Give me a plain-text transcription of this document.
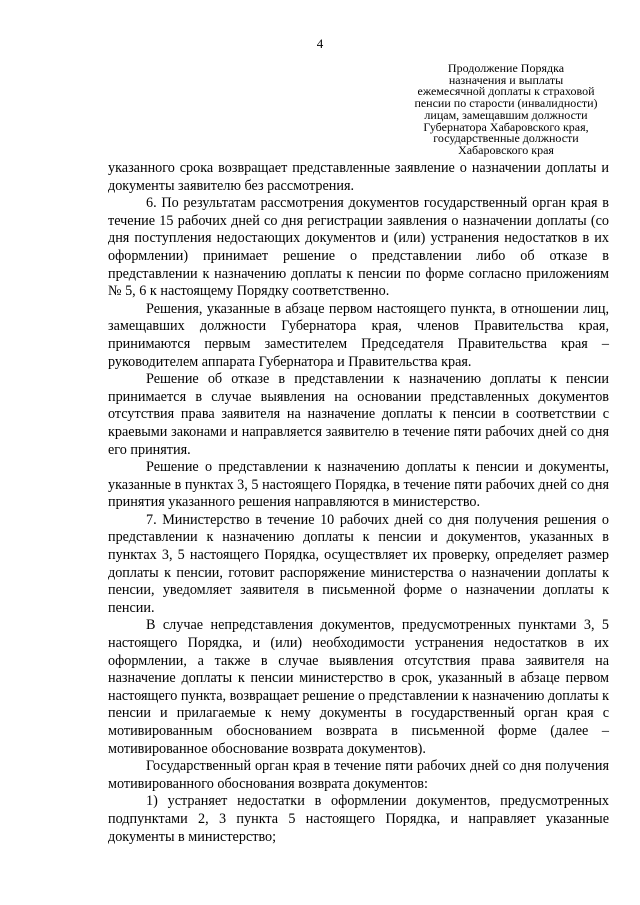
4
Продолжение Порядка
назначения и выплаты
ежемесячной доплаты к страховой
пенсии по старости (инвалидности)
лицам, замещавшим должности
Губернатора Хабаровского края,
государственные должности
Хабаровского края

указанного срока возвращает представленные заявление о назначении доплаты и документы заявителю без рассмотрения.

6. По результатам рассмотрения документов государственный орган края в течение 15 рабочих дней со дня регистрации заявления о назначении доплаты (со дня поступления недостающих документов и (или) устранения недостатков в их оформлении) принимает решение о представлении либо об отказе в представлении к назначению доплаты к пенсии по форме согласно приложениям № 5, 6 к настоящему Порядку соответственно.

Решения, указанные в абзаце первом настоящего пункта, в отношении лиц, замещавших должности Губернатора края, членов Правительства края, принимаются первым заместителем Председателя Правительства края – руководителем аппарата Губернатора и Правительства края.

Решение об отказе в представлении к назначению доплаты к пенсии принимается в случае выявления на основании представленных документов отсутствия права заявителя на назначение доплаты к пенсии в соответствии с краевыми законами и направляется заявителю в течение пяти рабочих дней со дня его принятия.

Решение о представлении к назначению доплаты к пенсии и документы, указанные в пунктах 3, 5 настоящего Порядка, в течение пяти рабочих дней со дня принятия указанного решения направляются в министерство.

7. Министерство в течение 10 рабочих дней со дня получения решения о представлении к назначению доплаты к пенсии и документов, указанных в пунктах 3, 5 настоящего Порядка, осуществляет их проверку, определяет размер доплаты к пенсии, готовит распоряжение министерства о назначении доплаты к пенсии, уведомляет заявителя в письменной форме о назначении доплаты к пенсии.

В случае непредставления документов, предусмотренных пунктами 3, 5 настоящего Порядка, и (или) необходимости устранения недостатков в их оформлении, а также в случае выявления отсутствия права заявителя на назначение доплаты к пенсии министерство в срок, указанный в абзаце первом настоящего пункта, возвращает решение о представлении к назначению доплаты к пенсии и прилагаемые к нему документы в государственный орган края с мотивированным обоснованием возврата в письменной форме (далее – мотивированное обоснование возврата документов).

Государственный орган края в течение пяти рабочих дней со дня получения мотивированного обоснования возврата документов:

1) устраняет недостатки в оформлении документов, предусмотренных подпунктами 2, 3 пункта 5 настоящего Порядка, и направляет указанные документы в министерство;
